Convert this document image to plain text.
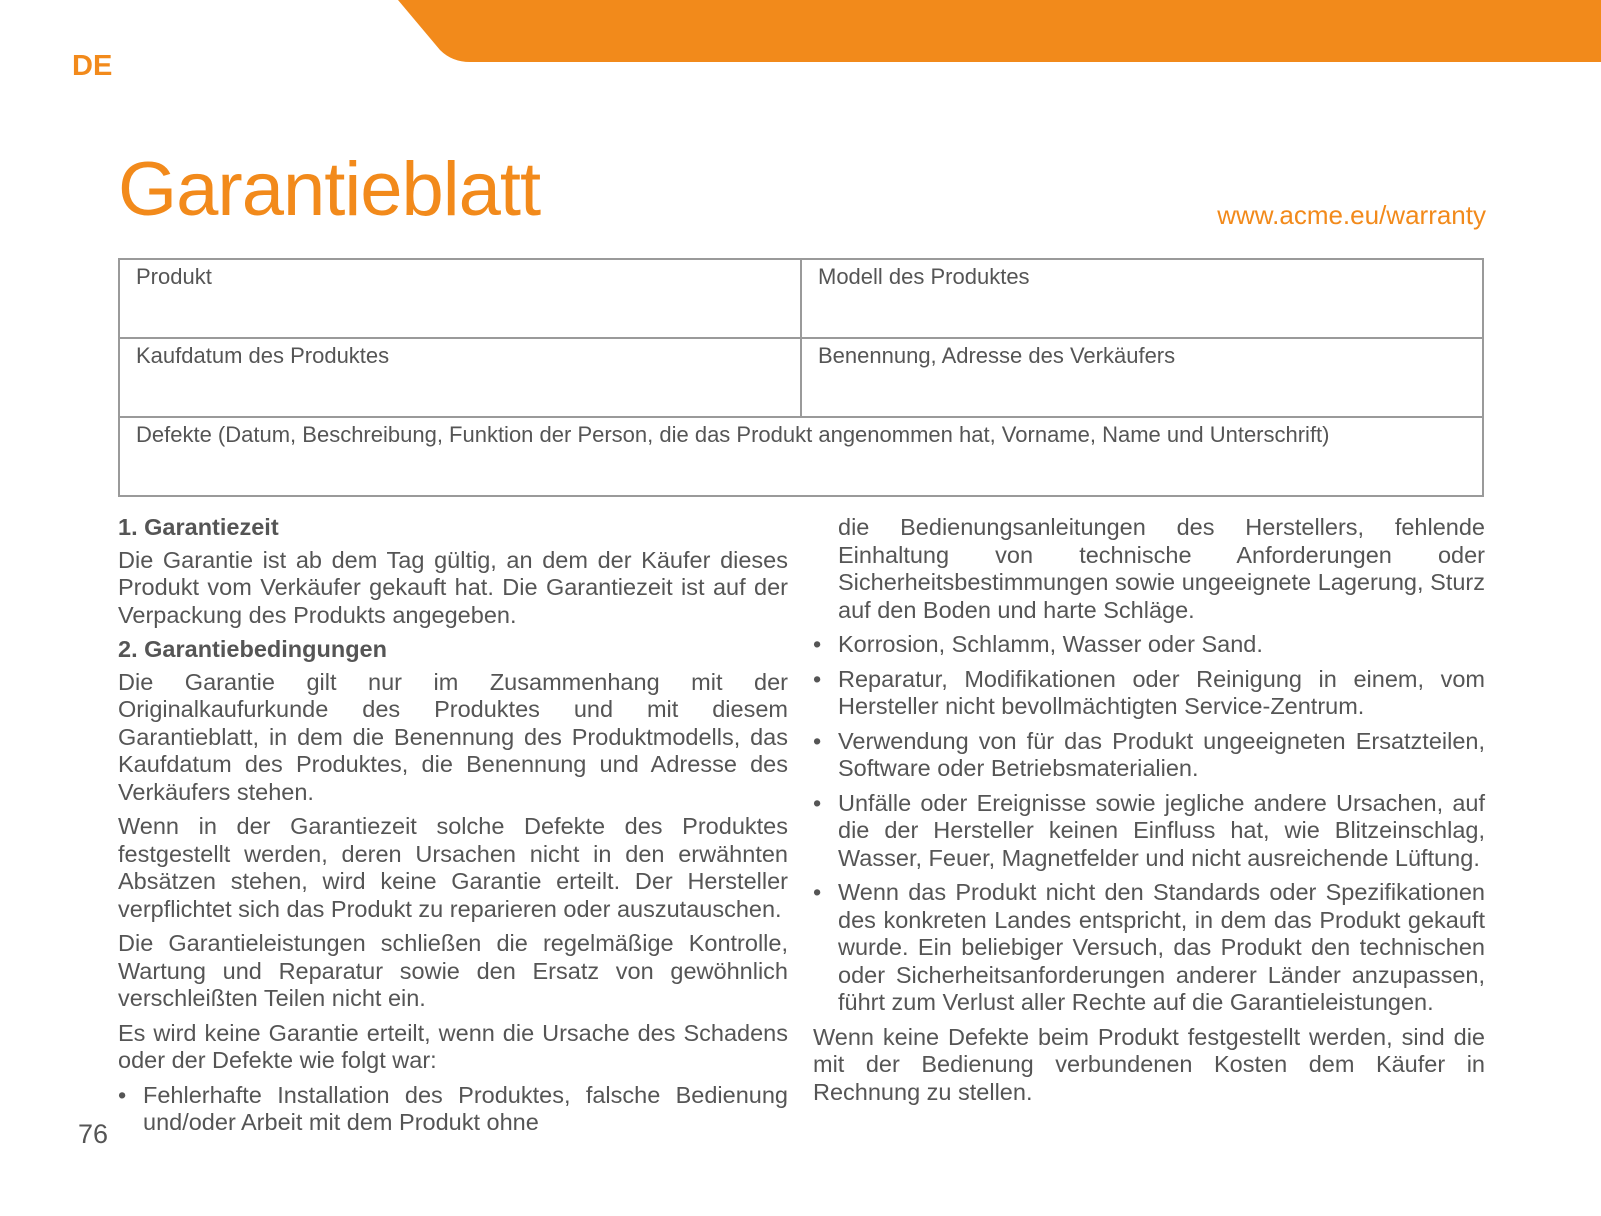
DE
Garantieblatt	www.acme.eu/warranty
Produkt	Modell des Produktes
Kaufdatum des Produktes	Benennung, Adresse des Verkäufers
Defekte (Datum, Beschreibung, Funktion der Person, die das Produkt angenommen hat, Vorname, Name und Unterschrift)	
1. Garantiezeit

Die Garantie ist ab dem Tag gültig, an dem der Käufer dieses Produkt vom Verkäufer gekauft hat. Die Garantiezeit ist auf der Verpackung des Produkts angegeben.

2. Garantiebedingungen

Die Garantie gilt nur im Zusammenhang mit der Originalkaufurkunde des Produktes und mit diesem Garantieblatt, in dem die Benennung des Produktmodells, das Kaufdatum des Produktes, die Benennung und Adresse des Verkäufers stehen.

Wenn in der Garantiezeit solche Defekte des Produktes festgestellt werden, deren Ursachen nicht in den erwähnten Absätzen stehen, wird keine Garantie erteilt. Der Hersteller verpflichtet sich das Produkt zu reparieren oder auszutauschen.

Die Garantieleistungen schließen die regelmäßige Kontrolle, Wartung und Reparatur sowie den Ersatz von gewöhnlich verschleißten Teilen nicht ein.

Es wird keine Garantie erteilt, wenn die Ursache des Schadens oder der Defekte wie folgt war:

• Fehlerhafte Installation des Produktes, falsche Bedienung und/oder Arbeit mit dem Produkt ohne
die Bedienungsanleitungen des Herstellers, fehlende Einhaltung von technische Anforderungen oder Sicherheitsbestimmungen sowie ungeeignete Lagerung, Sturz auf den Boden und harte Schläge.
• Korrosion, Schlamm, Wasser oder Sand.
• Reparatur, Modifikationen oder Reinigung in einem, vom Hersteller nicht bevollmächtigten Service-Zentrum.
• Verwendung von für das Produkt ungeeigneten Ersatzteilen, Software oder Betriebsmaterialien.
• Unfälle oder Ereignisse sowie jegliche andere Ursachen, auf die der Hersteller keinen Einfluss hat, wie Blitzeinschlag, Wasser, Feuer, Magnetfelder und nicht ausreichende Lüftung.
• Wenn das Produkt nicht den Standards oder Spezifikationen des konkreten Landes entspricht, in dem das Produkt gekauft wurde. Ein beliebiger Versuch, das Produkt den technischen oder Sicherheitsanforderungen anderer Länder anzupassen, führt zum Verlust aller Rechte auf die Garantieleistungen.

Wenn keine Defekte beim Produkt festgestellt werden, sind die mit der Bedienung verbundenen Kosten dem Käufer in Rechnung zu stellen.

76
